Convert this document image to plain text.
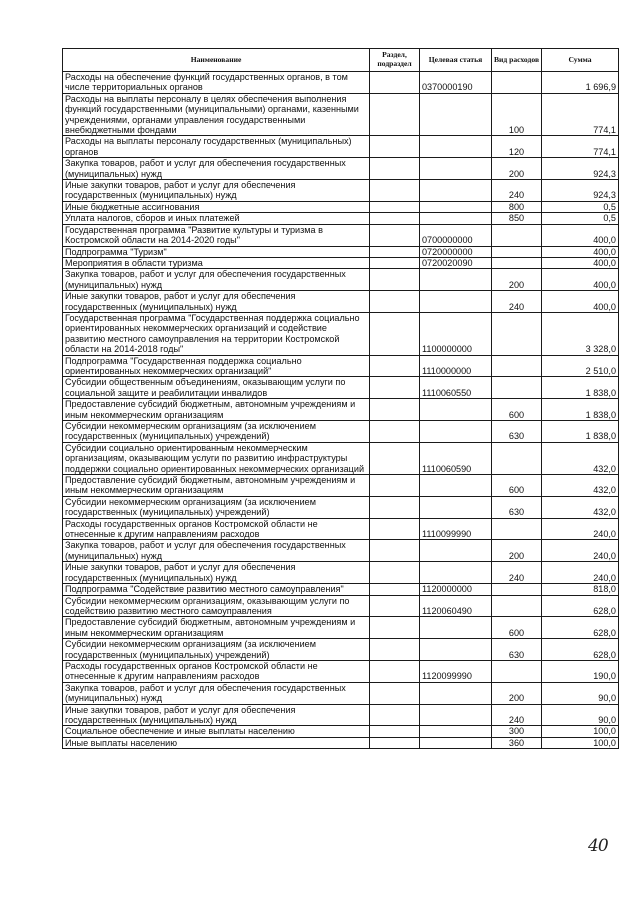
Наименование	Раздел, подраздел	Целевая статья	Вид расходов	Сумма
Расходы на обеспечение функций государственных органов, в том числе территориальных органов		0370000190		1 696,9
Расходы на выплаты персоналу в целях обеспечения выполнения функций государственными (муниципальными) органами, казенными учреждениями, органами управления государственными внебюджетными фондами			100	774,1
Расходы на выплаты персоналу государственных (муниципальных) органов			120	774,1
Закупка товаров, работ и услуг для обеспечения государственных (муниципальных) нужд			200	924,3
Иные закупки товаров, работ и услуг для обеспечения государственных (муниципальных) нужд			240	924,3
Иные бюджетные ассигнования			800	0,5
Уплата налогов, сборов и иных платежей			850	0,5
Государственная программа "Развитие культуры и туризма в Костромской области на 2014-2020 годы"		0700000000		400,0
Подпрограмма "Туризм"		0720000000		400,0
Мероприятия в области туризма		0720020090		400,0
Закупка товаров, работ и услуг для обеспечения государственных (муниципальных) нужд			200	400,0
Иные закупки товаров, работ и услуг для обеспечения государственных (муниципальных) нужд			240	400,0
Государственная программа "Государственная поддержка социально ориентированных некоммерческих организаций и содействие развитию местного самоуправления на территории Костромской области на 2014-2018 годы"		1100000000		3 328,0
Подпрограмма "Государственная поддержка социально ориентированных некоммерческих организаций"		1110000000		2 510,0
Субсидии общественным объединениям, оказывающим услуги по социальной защите и реабилитации инвалидов		1110060550		1 838,0
Предоставление субсидий бюджетным, автономным учреждениям и иным некоммерческим организациям			600	1 838,0
Субсидии некоммерческим организациям (за исключением государственных (муниципальных) учреждений)			630	1 838,0
Субсидии социально ориентированным некоммерческим организациям, оказывающим услуги по развитию инфраструктуры поддержки социально ориентированных некоммерческих организаций		1110060590		432,0
Предоставление субсидий бюджетным, автономным учреждениям и иным некоммерческим организациям			600	432,0
Субсидии некоммерческим организациям (за исключением государственных (муниципальных) учреждений)			630	432,0
Расходы государственных органов Костромской области не отнесенные к другим направлениям расходов		1110099990		240,0
Закупка товаров, работ и услуг для обеспечения государственных (муниципальных) нужд			200	240,0
Иные закупки товаров, работ и услуг для обеспечения государственных (муниципальных) нужд			240	240,0
Подпрограмма "Содействие развитию местного самоуправления"		1120000000		818,0
Субсидии некоммерческим организациям, оказывающим услуги по содействию развитию местного самоуправления		1120060490		628,0
Предоставление субсидий бюджетным, автономным учреждениям и иным некоммерческим организациям			600	628,0
Субсидии некоммерческим организациям (за исключением государственных (муниципальных) учреждений)			630	628,0
Расходы государственных органов Костромской области не отнесенные к другим направлениям расходов		1120099990		190,0
Закупка товаров, работ и услуг для обеспечения государственных (муниципальных) нужд			200	90,0
Иные закупки товаров, работ и услуг для обеспечения государственных (муниципальных) нужд			240	90,0
Социальное обеспечение и иные выплаты населению			300	100,0
Иные выплаты населению			360	100,0
40
